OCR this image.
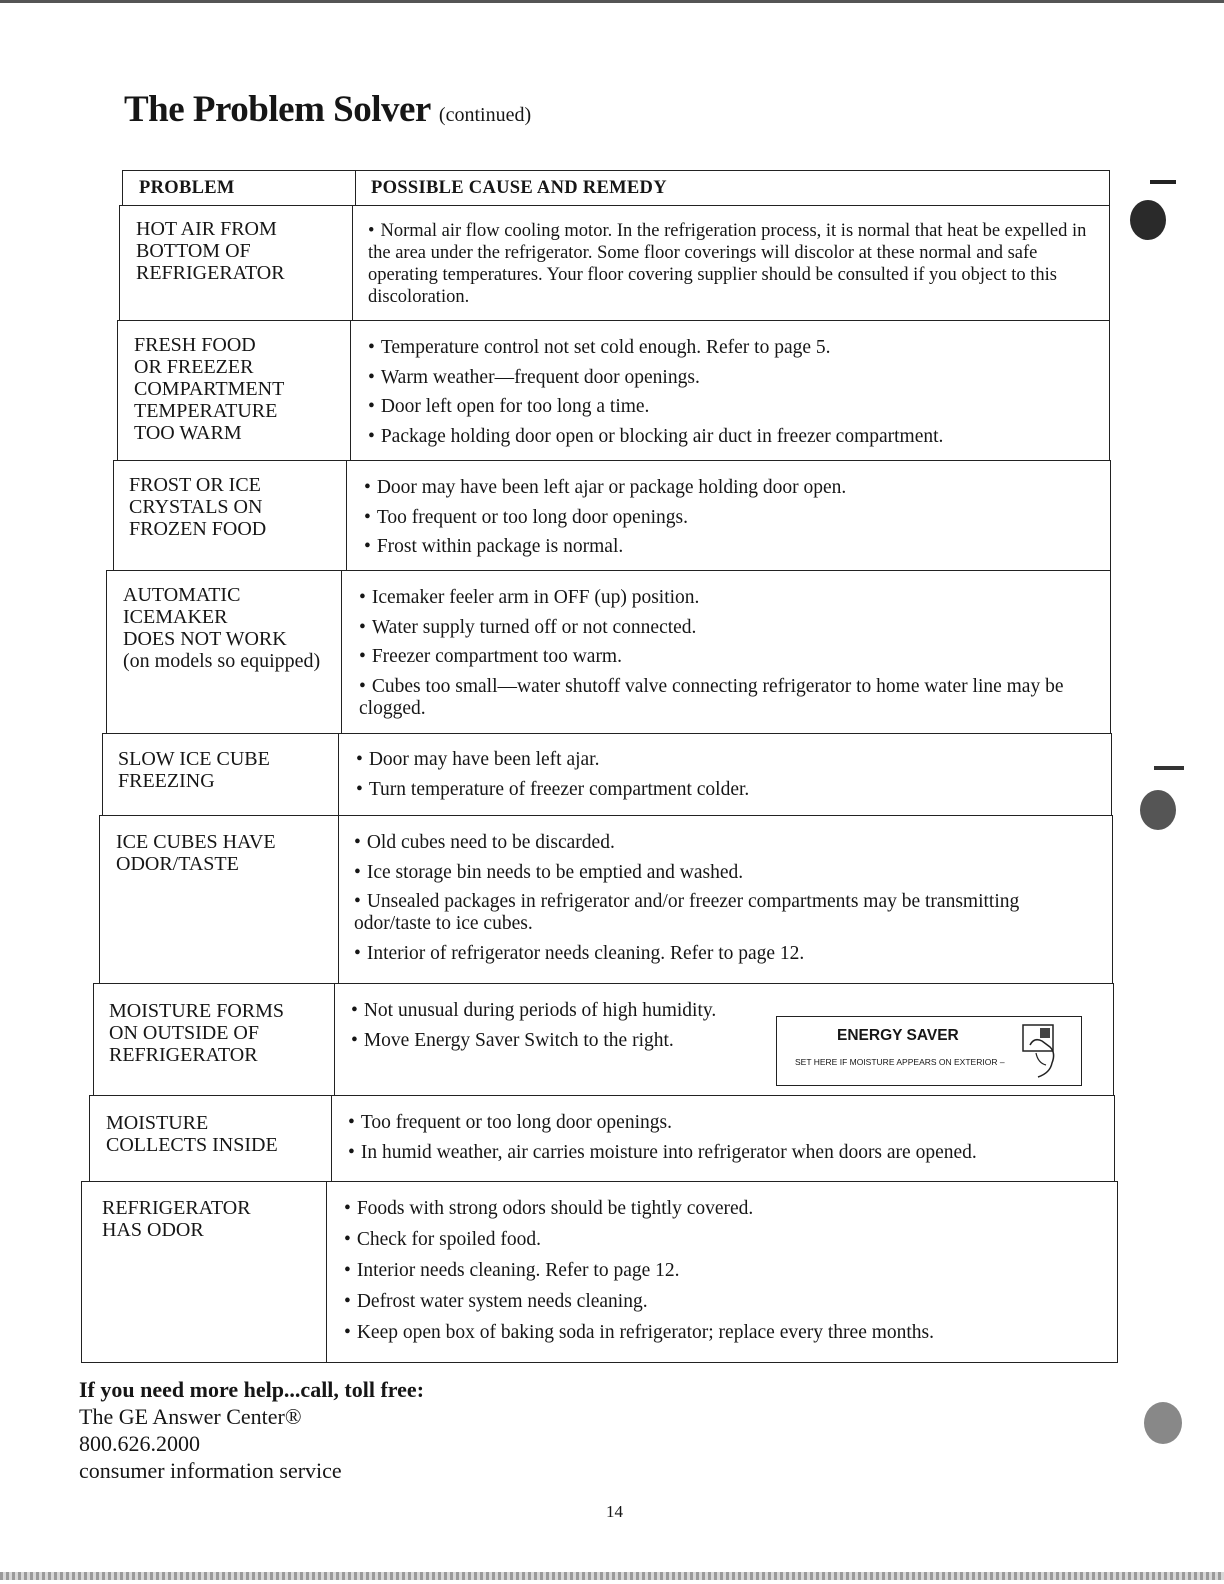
The Problem Solver (continued)
PROBLEM	POSSIBLE CAUSE AND REMEDY
HOT AIR FROM
BOTTOM OF
REFRIGERATOR
• Normal air flow cooling motor. In the refrigeration process, it is normal that heat be expelled in the area under the refrigerator. Some floor coverings will discolor at these normal and safe operating temperatures. Your floor covering supplier should be consulted if you object to this discoloration.
FRESH FOOD
OR FREEZER
COMPARTMENT
TEMPERATURE
TOO WARM
• Temperature control not set cold enough. Refer to page 5.
• Warm weather—frequent door openings.
• Door left open for too long a time.
• Package holding door open or blocking air duct in freezer compartment.
FROST OR ICE
CRYSTALS ON
FROZEN FOOD
• Door may have been left ajar or package holding door open.
• Too frequent or too long door openings.
• Frost within package is normal.
AUTOMATIC
ICEMAKER
DOES NOT WORK
(on models so equipped)
• Icemaker feeler arm in OFF (up) position.
• Water supply turned off or not connected.
• Freezer compartment too warm.
• Cubes too small—water shutoff valve connecting refrigerator to home water line may be clogged.
SLOW ICE CUBE
FREEZING
• Door may have been left ajar.
• Turn temperature of freezer compartment colder.
ICE CUBES HAVE
ODOR/TASTE
• Old cubes need to be discarded.
• Ice storage bin needs to be emptied and washed.
• Unsealed packages in refrigerator and/or freezer compartments may be transmitting odor/taste to ice cubes.
• Interior of refrigerator needs cleaning. Refer to page 12.
MOISTURE FORMS
ON OUTSIDE OF
REFRIGERATOR
• Not unusual during periods of high humidity.
• Move Energy Saver Switch to the right.
MOISTURE
COLLECTS INSIDE
• Too frequent or too long door openings.
• In humid weather, air carries moisture into refrigerator when doors are opened.
REFRIGERATOR
HAS ODOR
• Foods with strong odors should be tightly covered.
• Check for spoiled food.
• Interior needs cleaning. Refer to page 12.
• Defrost water system needs cleaning.
• Keep open box of baking soda in refrigerator; replace every three months.
ENERGY SAVER
SET HERE IF MOISTURE APPEARS ON EXTERIOR –
If you need more help...call, toll free:
The GE Answer Center®
800.626.2000
consumer information service
14
